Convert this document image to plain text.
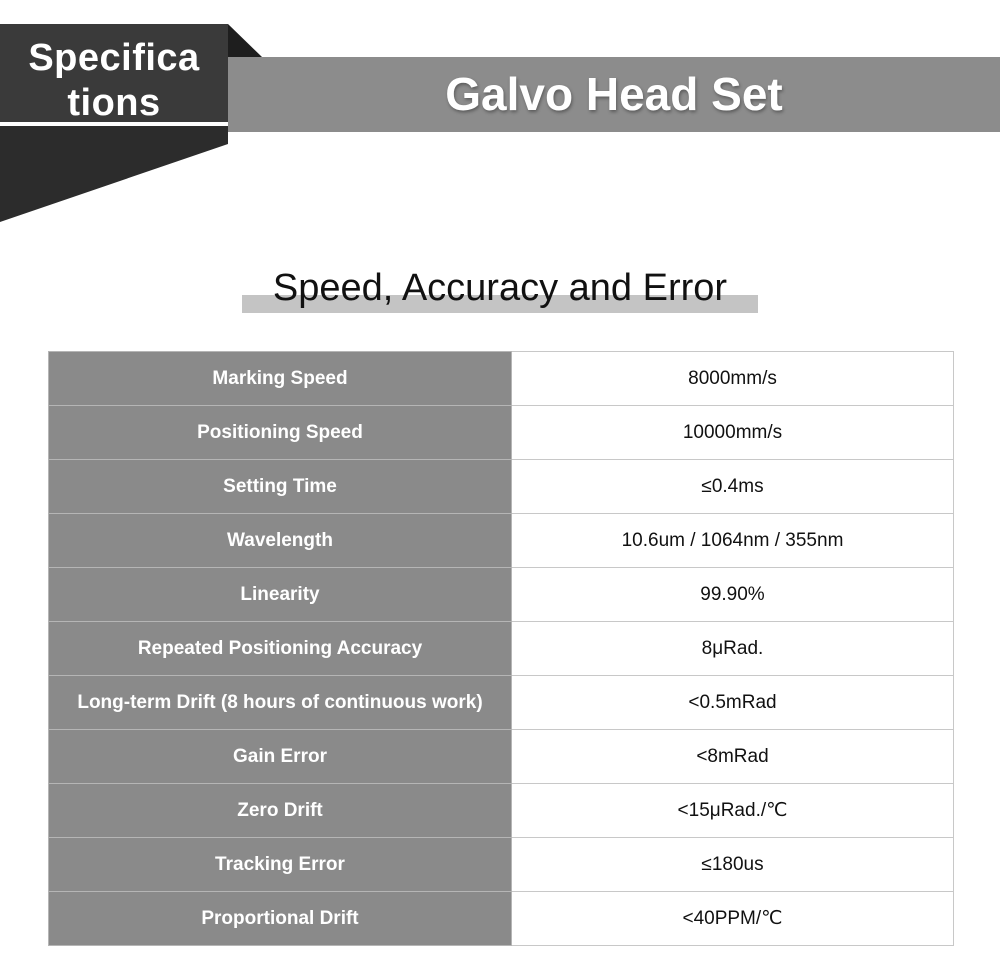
Galvo Head Set
Specifica
tions
Speed, Accuracy and Error
Marking Speed	8000mm/s
Positioning Speed	10000mm/s
Setting Time	≤0.4ms
Wavelength	10.6um / 1064nm / 355nm
Linearity	99.90%
Repeated Positioning Accuracy	8μRad.
Long-term Drift (8 hours of continuous work)	<0.5mRad
Gain Error	<8mRad
Zero Drift	<15μRad./℃
Tracking Error	≤180us
Proportional Drift	<40PPM/℃
